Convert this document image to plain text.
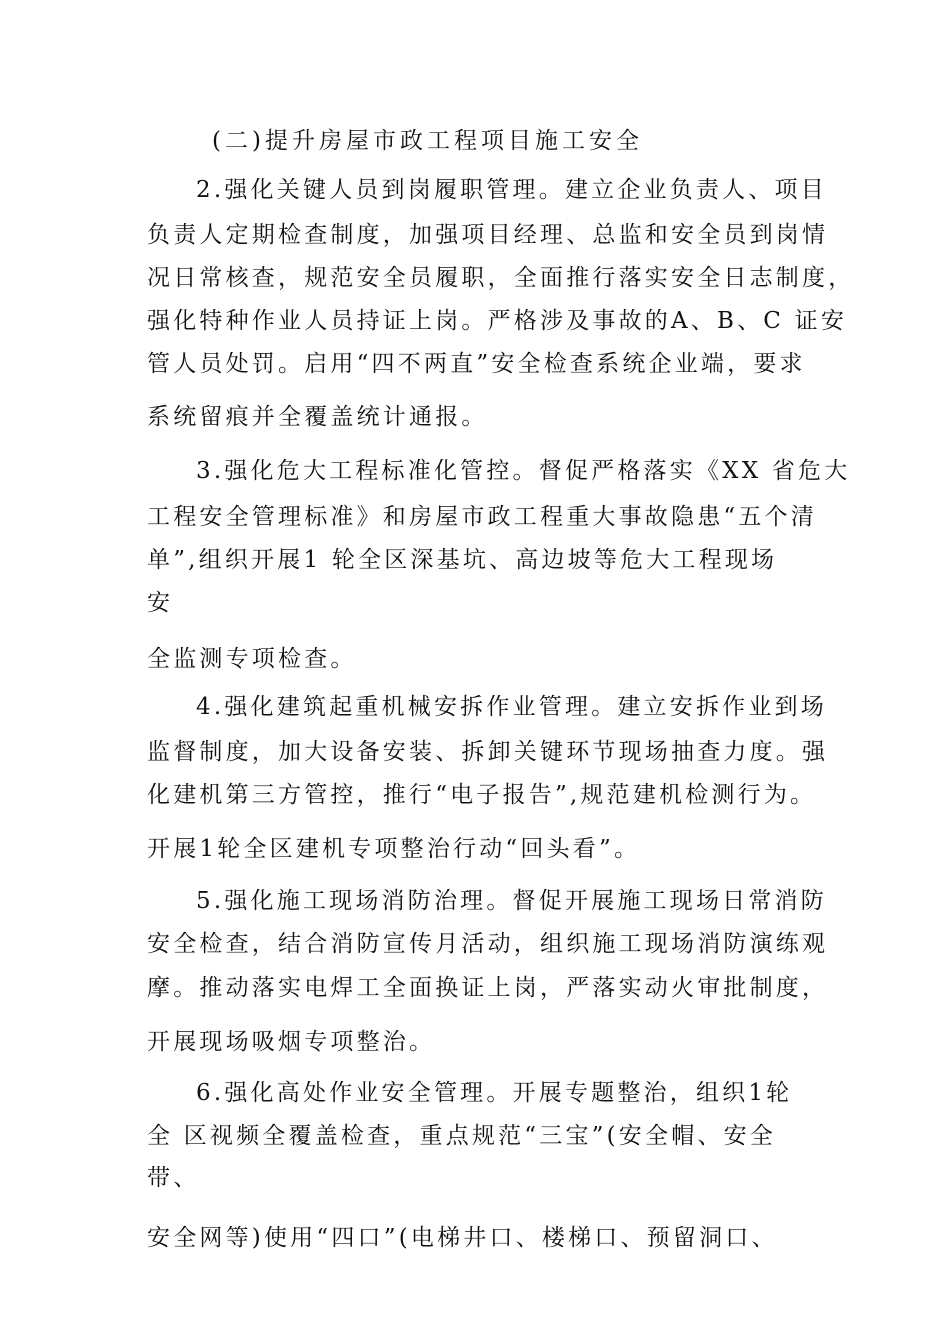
(二)提升房屋市政工程项目施工安全
2.强化关键人员到岗履职管理。建立企业负责人、项目
负责人定期检查制度，加强项目经理、总监和安全员到岗情
况日常核查，规范安全员履职，全面推行落实安全日志制度，
强化特种作业人员持证上岗。严格涉及事故的A、B、C 证安
管人员处罚。启用“四不两直”安全检查系统企业端，要求
系统留痕并全覆盖统计通报。
3.强化危大工程标准化管控。督促严格落实《XX 省危大
工程安全管理标准》和房屋市政工程重大事故隐患“五个清
单”,组织开展1 轮全区深基坑、高边坡等危大工程现场
安
全监测专项检查。
4.强化建筑起重机械安拆作业管理。建立安拆作业到场
监督制度，加大设备安装、拆卸关键环节现场抽查力度。强
化建机第三方管控，推行“电子报告”,规范建机检测行为。
开展1轮全区建机专项整治行动“回头看”。
5.强化施工现场消防治理。督促开展施工现场日常消防
安全检查，结合消防宣传月活动，组织施工现场消防演练观
摩。推动落实电焊工全面换证上岗，严落实动火审批制度，
开展现场吸烟专项整治。
6.强化高处作业安全管理。开展专题整治，组织1轮
全 区视频全覆盖检查，重点规范“三宝”(安全帽、安全
带、
安全网等)使用“四口”(电梯井口、楼梯口、预留洞口、
